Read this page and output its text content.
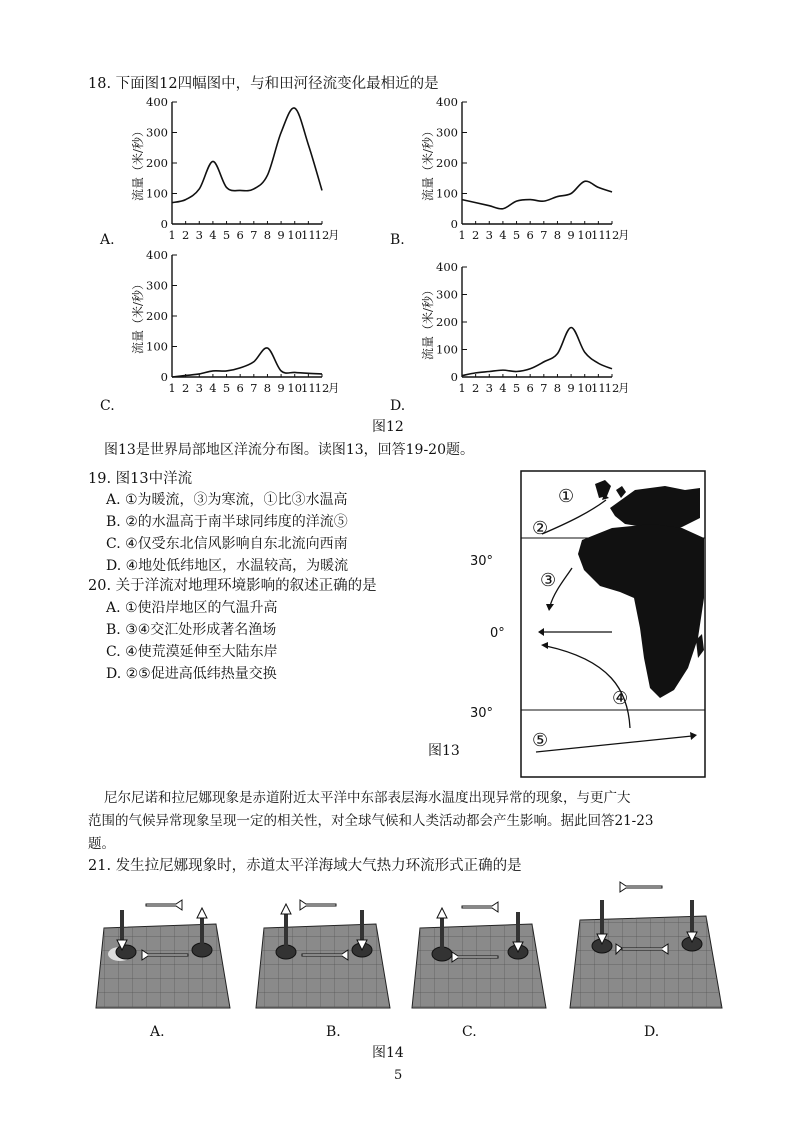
18. 下面图12四幅图中，与和田河径流变化最相近的是
0
100
200
300
400
1 2 3 4 5 6 7 8 9 10
11
12
月
流量（米/秒）
0
100
200
300
400
1 2 3 4 5 6 7 8 9 10
11
12
月
流量（米/秒）
0
100
200
300
400
1 2 3 4 5 6 7 8 9 10
11
12
月
流量（米/秒）
0
100
200
300
400
1 2 3 4 5 6 7 8 9 10
11
12
月
流量（米/秒）
A.	B.
C.	D.
图12
图13是世界局部地区洋流分布图。读图13，回答19-20题。
19. 图13中洋流
A. ①为暖流，③为寒流，①比③水温高
B. ②的水温高于南半球同纬度的洋流⑤
C. ④仅受东北信风影响自东北流向西南
D. ④地处低纬地区，水温较高，为暖流
20. 关于洋流对地理环境影响的叙述正确的是
A. ①使沿岸地区的气温升高
B. ③④交汇处形成著名渔场
C. ④使荒漠延伸至大陆东岸
D. ②⑤促进高低纬热量交换
①
②
③
④
⑤
30°
0°
30°
图13
尼尔尼诺和拉尼娜现象是赤道附近太平洋中东部表层海水温度出现异常的现象，与更广大
范围的气候异常现象呈现一定的相关性，对全球气候和人类活动都会产生影响。据此回答21-23
题。
21. 发生拉尼娜现象时，赤道太平洋海域大气热力环流形式正确的是
A.	B.	C.	D.
图14
5
